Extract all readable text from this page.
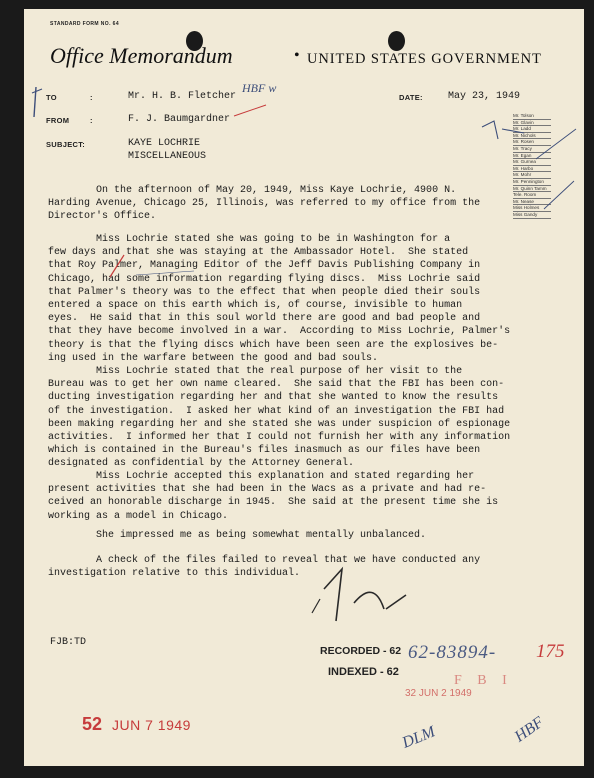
STANDARD FORM NO. 64
Office Memorandum	• UNITED STATES GOVERNMENT
TO	:	Mr. H. B. Fletcher
FROM	:	F. J. Baumgardner
SUBJECT:	KAYE LOCHRIE
MISCELLANEOUS
DATE:	May 23, 1949
Mr. Tolson
Mr. Glavin
Mr. Ladd
Mr. Nichols
Mr. Rosen
Mr. Tracy
Mr. Egan
Mr. Gurnea
Mr. Harbo
Mr. Mohr
Mr. Pennington
Mr. Quinn Tamm
Tele. Room
Mr. Nease
Miss Holmes
Miss Gandy
On the afternoon of May 20, 1949, Miss Kaye Lochrie, 4900 N.
Harding Avenue, Chicago 25, Illinois, was referred to my office from the
Director's Office.
Miss Lochrie stated she was going to be in Washington for a
few days and that she was staying at the Ambassador Hotel.  She stated
that Roy Palmer, Managing Editor of the Jeff Davis Publishing Company in
Chicago, had some information regarding flying discs.  Miss Lochrie said
that Palmer's theory was to the effect that when people died their souls
entered a space on this earth which is, of course, invisible to human
eyes.  He said that in this soul world there are good and bad people and
that they have become involved in a war.  According to Miss Lochrie, Palmer's
theory is that the flying discs which have been seen are the explosives be-
ing used in the warfare between the good and bad souls.
Miss Lochrie stated that the real purpose of her visit to the
Bureau was to get her own name cleared.  She said that the FBI has been con-
ducting investigation regarding her and that she wanted to know the results
of the investigation.  I asked her what kind of an investigation the FBI had
been making regarding her and she stated she was under suspicion of espionage
activities.  I informed her that I could not furnish her with any information
which is contained in the Bureau's files inasmuch as our files have been
designated as confidential by the Attorney General.
Miss Lochrie accepted this explanation and stated regarding her
present activities that she had been in the Wacs as a private and had re-
ceived an honorable discharge in 1945.  She said at the present time she is
working as a model in Chicago.
She impressed me as being somewhat mentally unbalanced.
A check of the files failed to reveal that we have conducted any
investigation relative to this individual.
HBF w
DLM	HBF
FJB:TD
RECORDED - 62
INDEXED - 62
62-83894- 175
F B I
32 JUN 2 1949
52 JUN 7 1949
